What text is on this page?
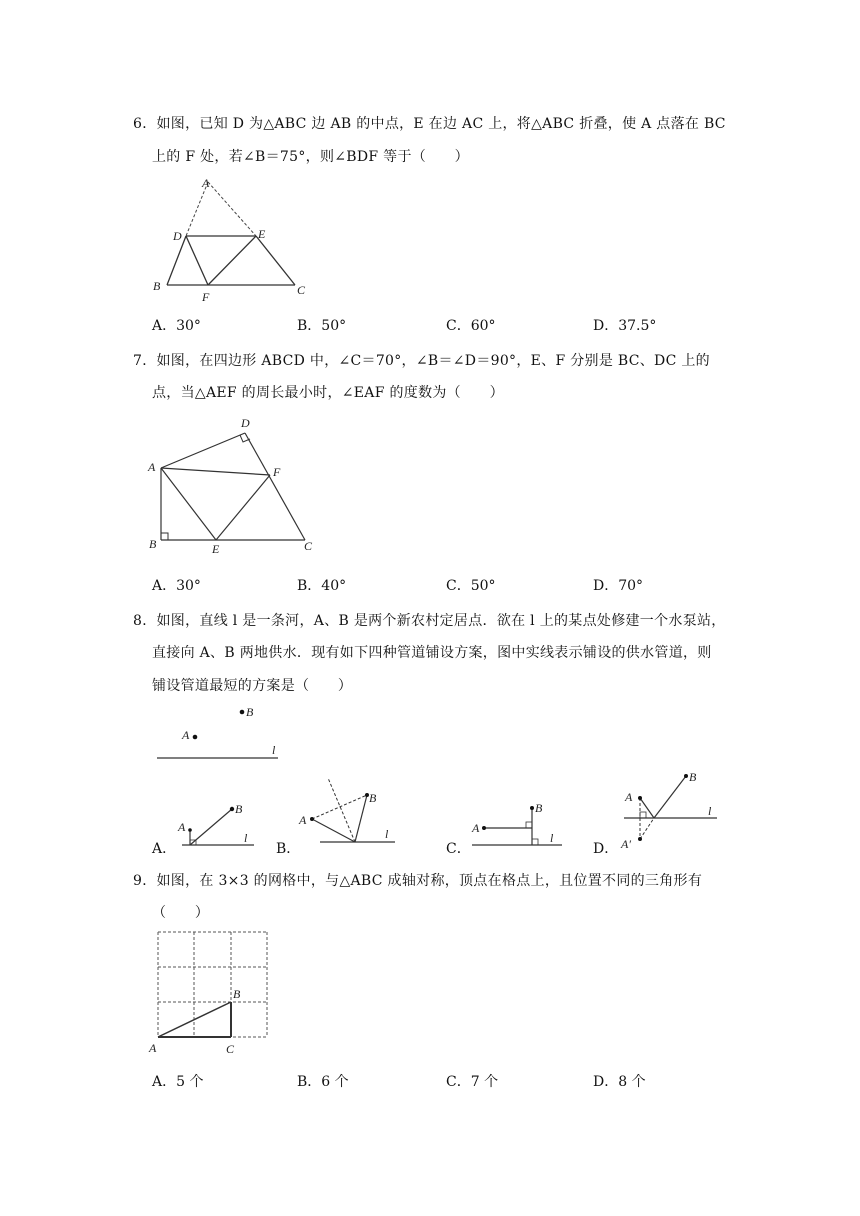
6．如图，已知 D 为△ABC 边 AB 的中点，E 在边 AC 上，将△ABC 折叠，使 A 点落在 BC
上的 F 处，若∠B＝75°，则∠BDF 等于（　　）
A
D	E
B
F	C
A．30°	B．50°	C．60°	D．37.5°
7．如图，在四边形 ABCD 中，∠C＝70°，∠B＝∠D＝90°，E、F 分别是 BC、DC 上的
点，当△AEF 的周长最小时，∠EAF 的度数为（　　）
D
A	F
B	E	C
A．30°	B．40°	C．50°	D．70°
8．如图，直线 l 是一条河，A、B 是两个新农村定居点．欲在 l 上的某点处修建一个水泵站，
直接向 A、B 两地供水．现有如下四种管道铺设方案，图中实线表示铺设的供水管道，则
铺设管道最短的方案是（　　）
B
A
l
A．
A
B
l
B．
A
B
l
C．
A
B
l
D．
A
A′
B
l
9．如图，在 3×3 的网格中，与△ABC 成轴对称，顶点在格点上，且位置不同的三角形有
（　　）
B
A	C
A．5 个	B．6 个	C．7 个	D．8 个
